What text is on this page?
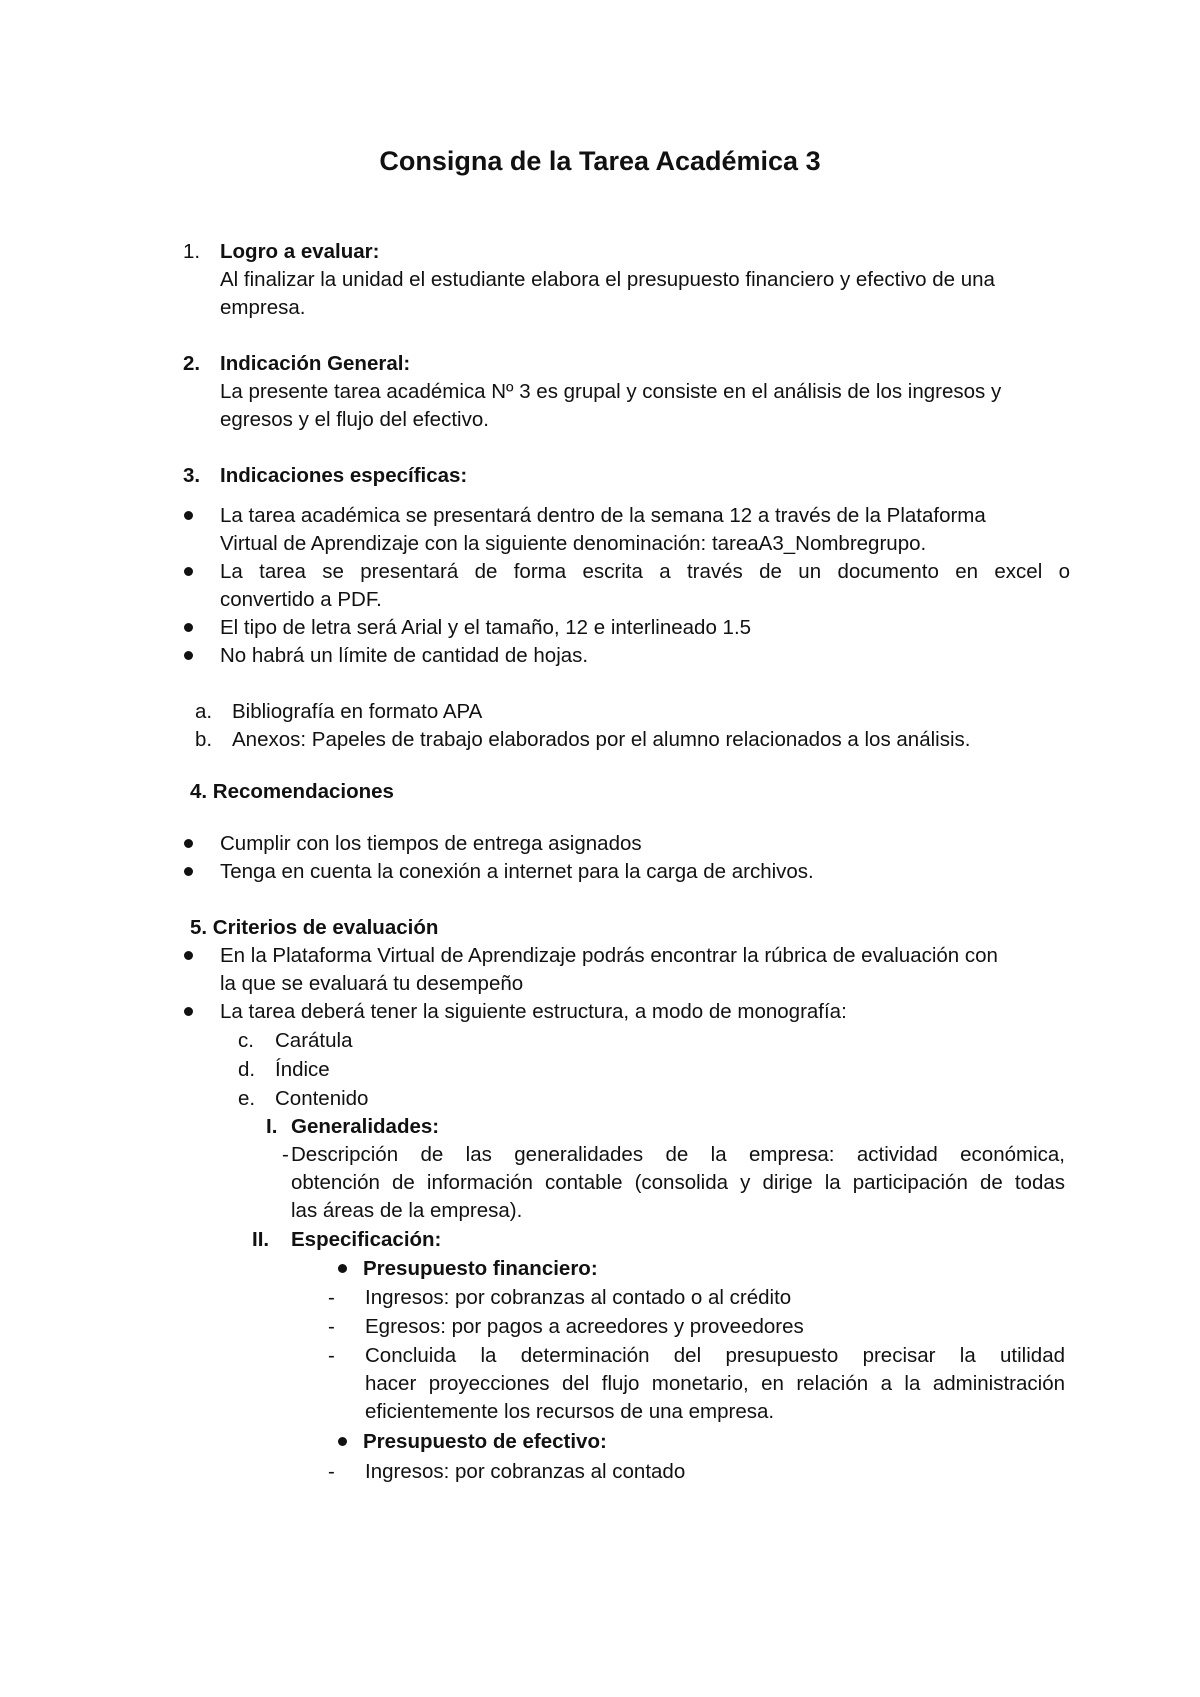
Consigna de la Tarea Académica 3
1. Logro a evaluar:
Al finalizar la unidad el estudiante elabora el presupuesto financiero y efectivo de una
empresa.
2. Indicación General:
La presente tarea académica Nº 3 es grupal y consiste en el análisis de los ingresos y
egresos y el flujo del efectivo.
3. Indicaciones específicas:
La tarea académica se presentará dentro de la semana 12 a través de la Plataforma
Virtual de Aprendizaje con la siguiente denominación: tareaA3_Nombregrupo.
La tarea se presentará de forma escrita a través de un documento en excel o
convertido a PDF.
El tipo de letra será Arial y el tamaño, 12 e interlineado 1.5
No habrá un límite de cantidad de hojas.
a. Bibliografía en formato APA
b. Anexos: Papeles de trabajo elaborados por el alumno relacionados a los análisis.
4. Recomendaciones
Cumplir con los tiempos de entrega asignados
Tenga en cuenta la conexión a internet para la carga de archivos.
5. Criterios de evaluación
En la Plataforma Virtual de Aprendizaje podrás encontrar la rúbrica de evaluación con
la que se evaluará tu desempeño
La tarea deberá tener la siguiente estructura, a modo de monografía:
c. Carátula
d. Índice
e. Contenido
I. Generalidades:
- Descripción de las generalidades de la empresa: actividad económica,
obtención de información contable (consolida y dirige la participación de todas
las áreas de la empresa).
II. Especificación:
Presupuesto financiero:
- Ingresos: por cobranzas al contado o al crédito
- Egresos: por pagos a acreedores y proveedores
- Concluida la determinación del presupuesto precisar la utilidad
hacer proyecciones del flujo monetario, en relación a la administración
eficientemente los recursos de una empresa.
Presupuesto de efectivo:
- Ingresos: por cobranzas al contado
